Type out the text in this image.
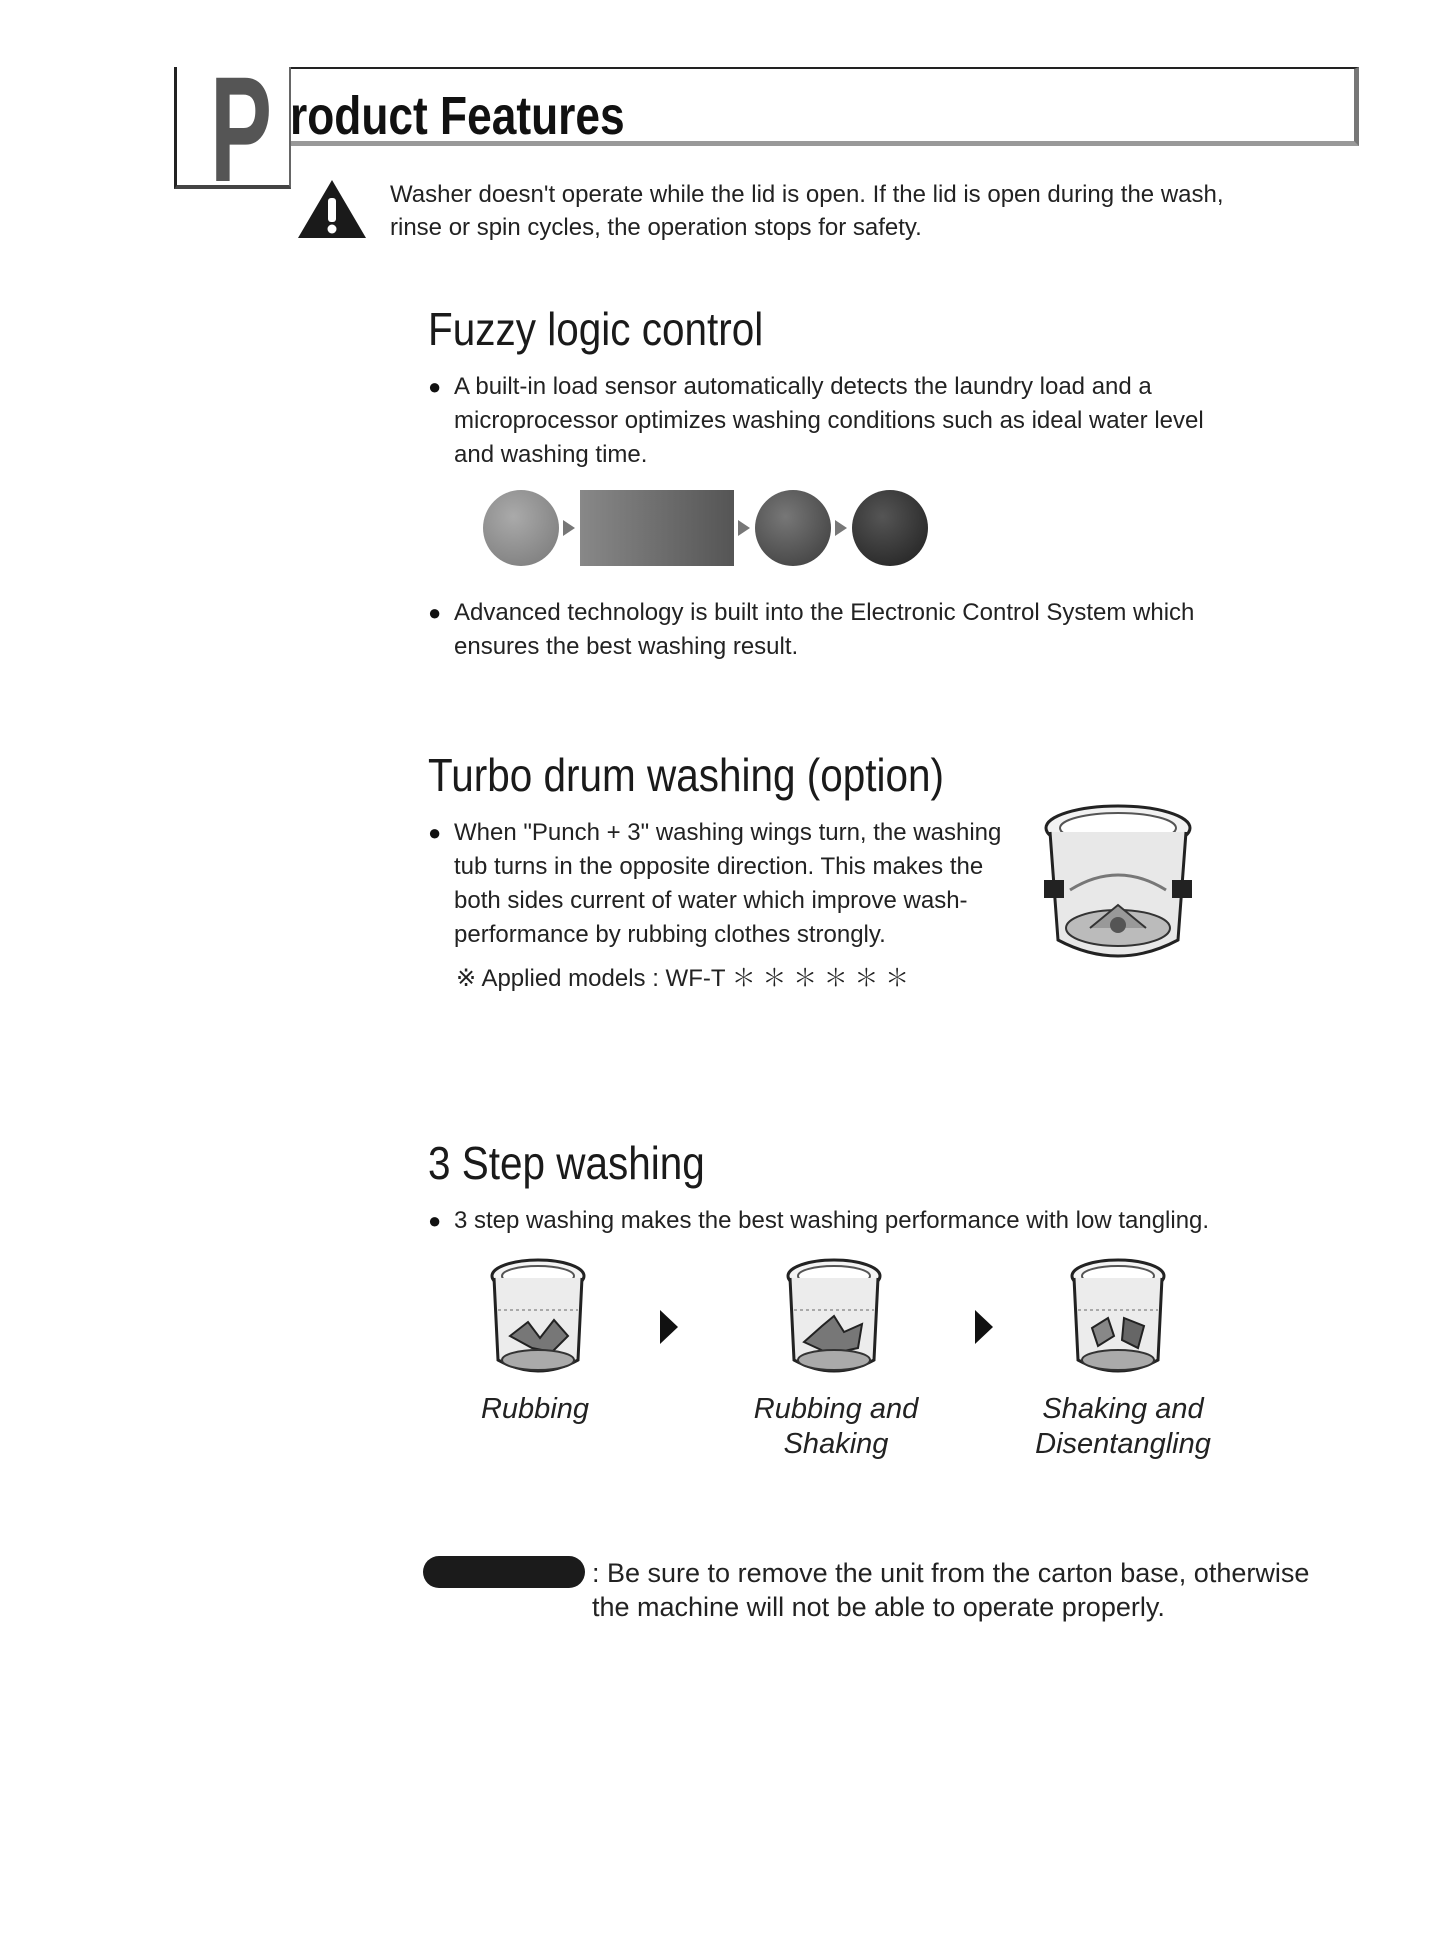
P roduct Features
Washer doesn't operate while the lid is open. If the lid is open during the wash, rinse or spin cycles, the operation stops for safety.
Fuzzy logic control
● A built-in load sensor automatically detects the laundry load and a microprocessor optimizes washing conditions such as ideal water level and washing time.
● Advanced technology is built into the Electronic Control System which ensures the best washing result.
Turbo drum washing (option)
● When "Punch + 3" washing wings turn, the washing tub turns in the opposite direction. This makes the both sides current of water which improve wash-performance by rubbing clothes strongly.
※ Applied models : WF-T ＊ ＊ ＊ ＊ ＊ ＊
3 Step washing
● 3 step washing makes the best washing performance with low tangling.
Rubbing	Rubbing and
Shaking
Shaking and
Disentangling
: Be sure to remove the unit from the carton base, otherwise the machine will not be able to operate properly.
